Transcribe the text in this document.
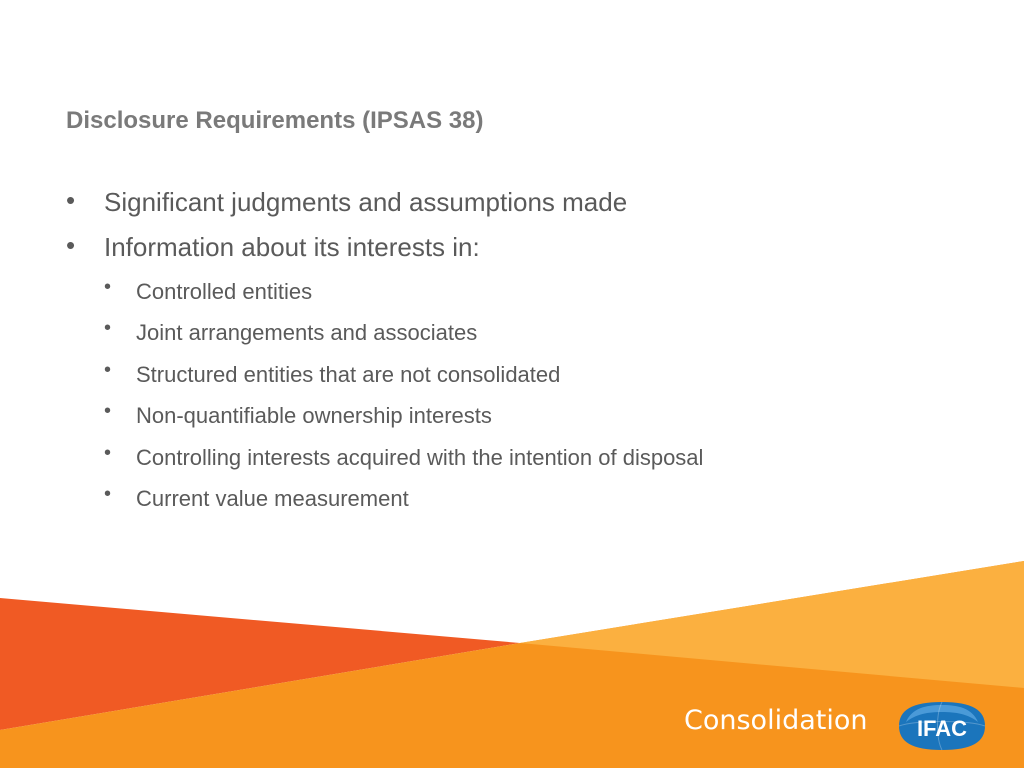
Disclosure Requirements (IPSAS 38)
• Significant judgments and assumptions made
• Information about its interests in:
• Controlled entities
• Joint arrangements and associates
• Structured entities that are not consolidated
• Non-quantifiable ownership interests
• Controlling interests acquired with the intention of disposal
• Current value measurement
Consolidation IFAC
